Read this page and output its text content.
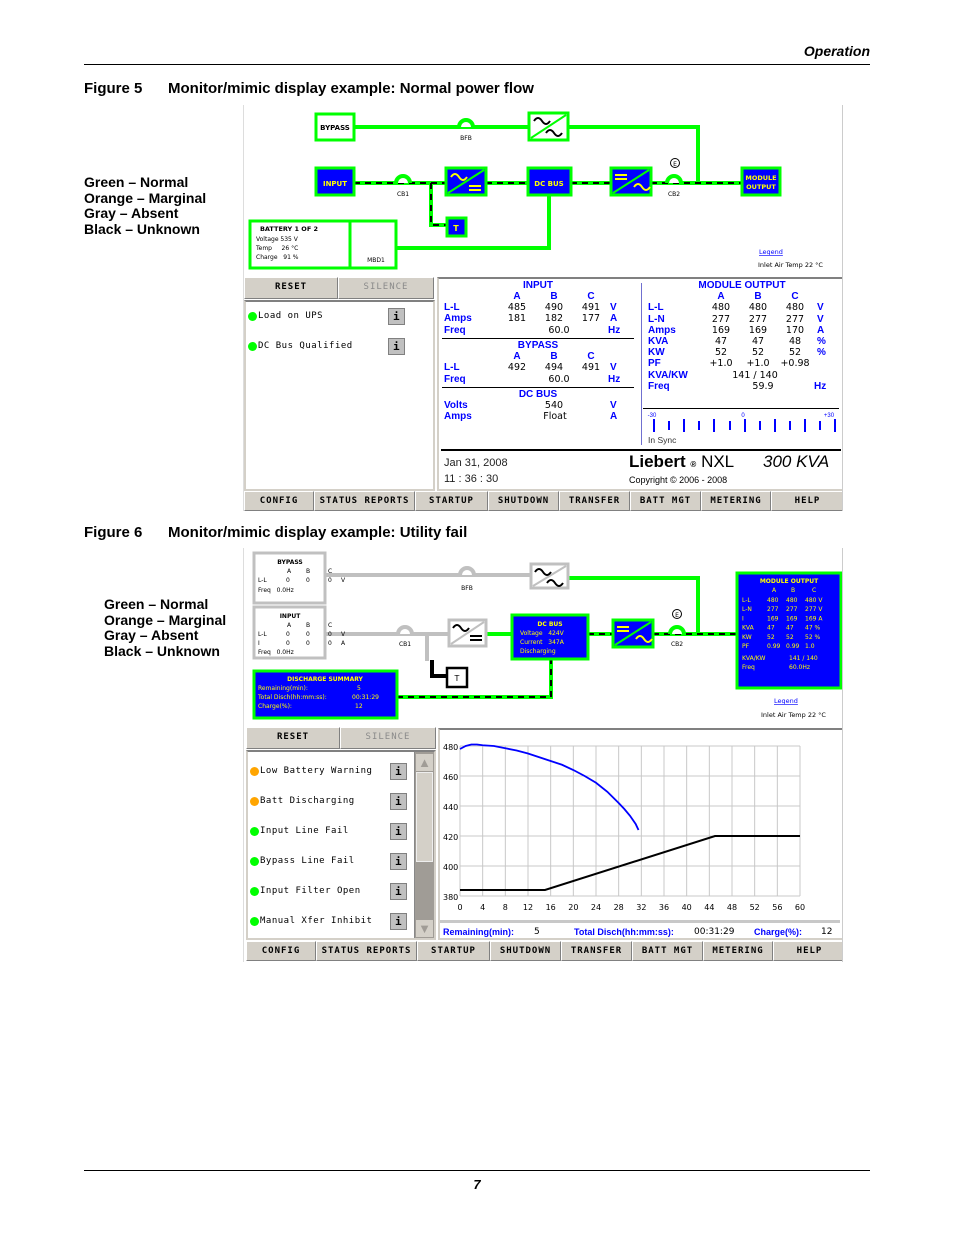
Operation
Figure 5 Monitor/mimic display example: Normal power flow
Green – Normal
Orange – Marginal
Gray – Absent
Black – Unknown
BYPASS
BFB
INPUT
CB1
DC BUS
E
CB2
MODULE
OUTPUT
T
BATTERY 1 OF 2
Voltage 535 V
Temp     26 °C
Charge   91 %	MBD1
Legend
Inlet Air Temp 22 °C
RESET	SILENCE
Load on UPS	i
DC Bus Qualified	i
INPUT
A	B	C
L-L	485 490 491 V
Amps	181 182 177 A
Freq	60.0	Hz
BYPASS
A	B	C
L-L	492 494 491 V
Freq	60.0	Hz
DC BUS
Volts	540	V
Amps	Float	A
MODULE OUTPUT
A	B	C
L-L	480 480 480 V
L-N	277 277 277 V
Amps	169 169 170 A
KVA	47	47	48 %
KW	52	52	52 %
PF	+1.0 +1.0 +0.98
KVA/KW	141 / 140
Freq	59.9	Hz
-30	0	+30
In Sync
Jan 31, 2008
11 : 36 : 30
Liebert ® NXL 300 KVA
Copyright © 2006 - 2008
CONFIG	STATUS REPORTS	STARTUP	SHUTDOWN	TRANSFER	BATT MGT	METERING	HELP
Figure 6 Monitor/mimic display example: Utility fail
Green – Normal
Orange – Marginal
Gray – Absent
Black – Unknown
BYPASS
A B	C
L-L	0	0	0 V
Freq   0.0Hz
INPUT
A B	C
L-L	0	0	0 V
I	0	0	0 A
Freq   0.0Hz
BFB
CB1
DC BUS
Voltage   424V
Current   347A
Discharging
E
CB2
T
DISCHARGE SUMMARY
Remaining(min):	5
Total Disch(hh:mm:ss):	00:31:29
Charge(%):	12
MODULE OUTPUT
A B	C
L-L	480 480 480 V
L-N	277 277 277 V
I	169 169 169 A
KVA 47 47 47 %
KW	52 52 52 %
PF	0.99 0.99 1.0
KVA/KW	141 / 140
Freq	60.0Hz
Legend
Inlet Air Temp 22 °C
RESET	SILENCE
▲
▼
Low Battery Warning	i
Batt Discharging	i
Input Line Fail	i
Bypass Line Fail	i
Input Filter Open	i
Manual Xfer Inhibit	i
0 4 8 12 16 20 24 28 32 36 40 44 48 52 56 60
480
460
440
420
400
380
Remaining(min): 5	Total Disch(hh:mm:ss): 00:31:29 Charge(%): 12
CONFIG	STATUS REPORTS	STARTUP	SHUTDOWN	TRANSFER	BATT MGT	METERING	HELP
7
